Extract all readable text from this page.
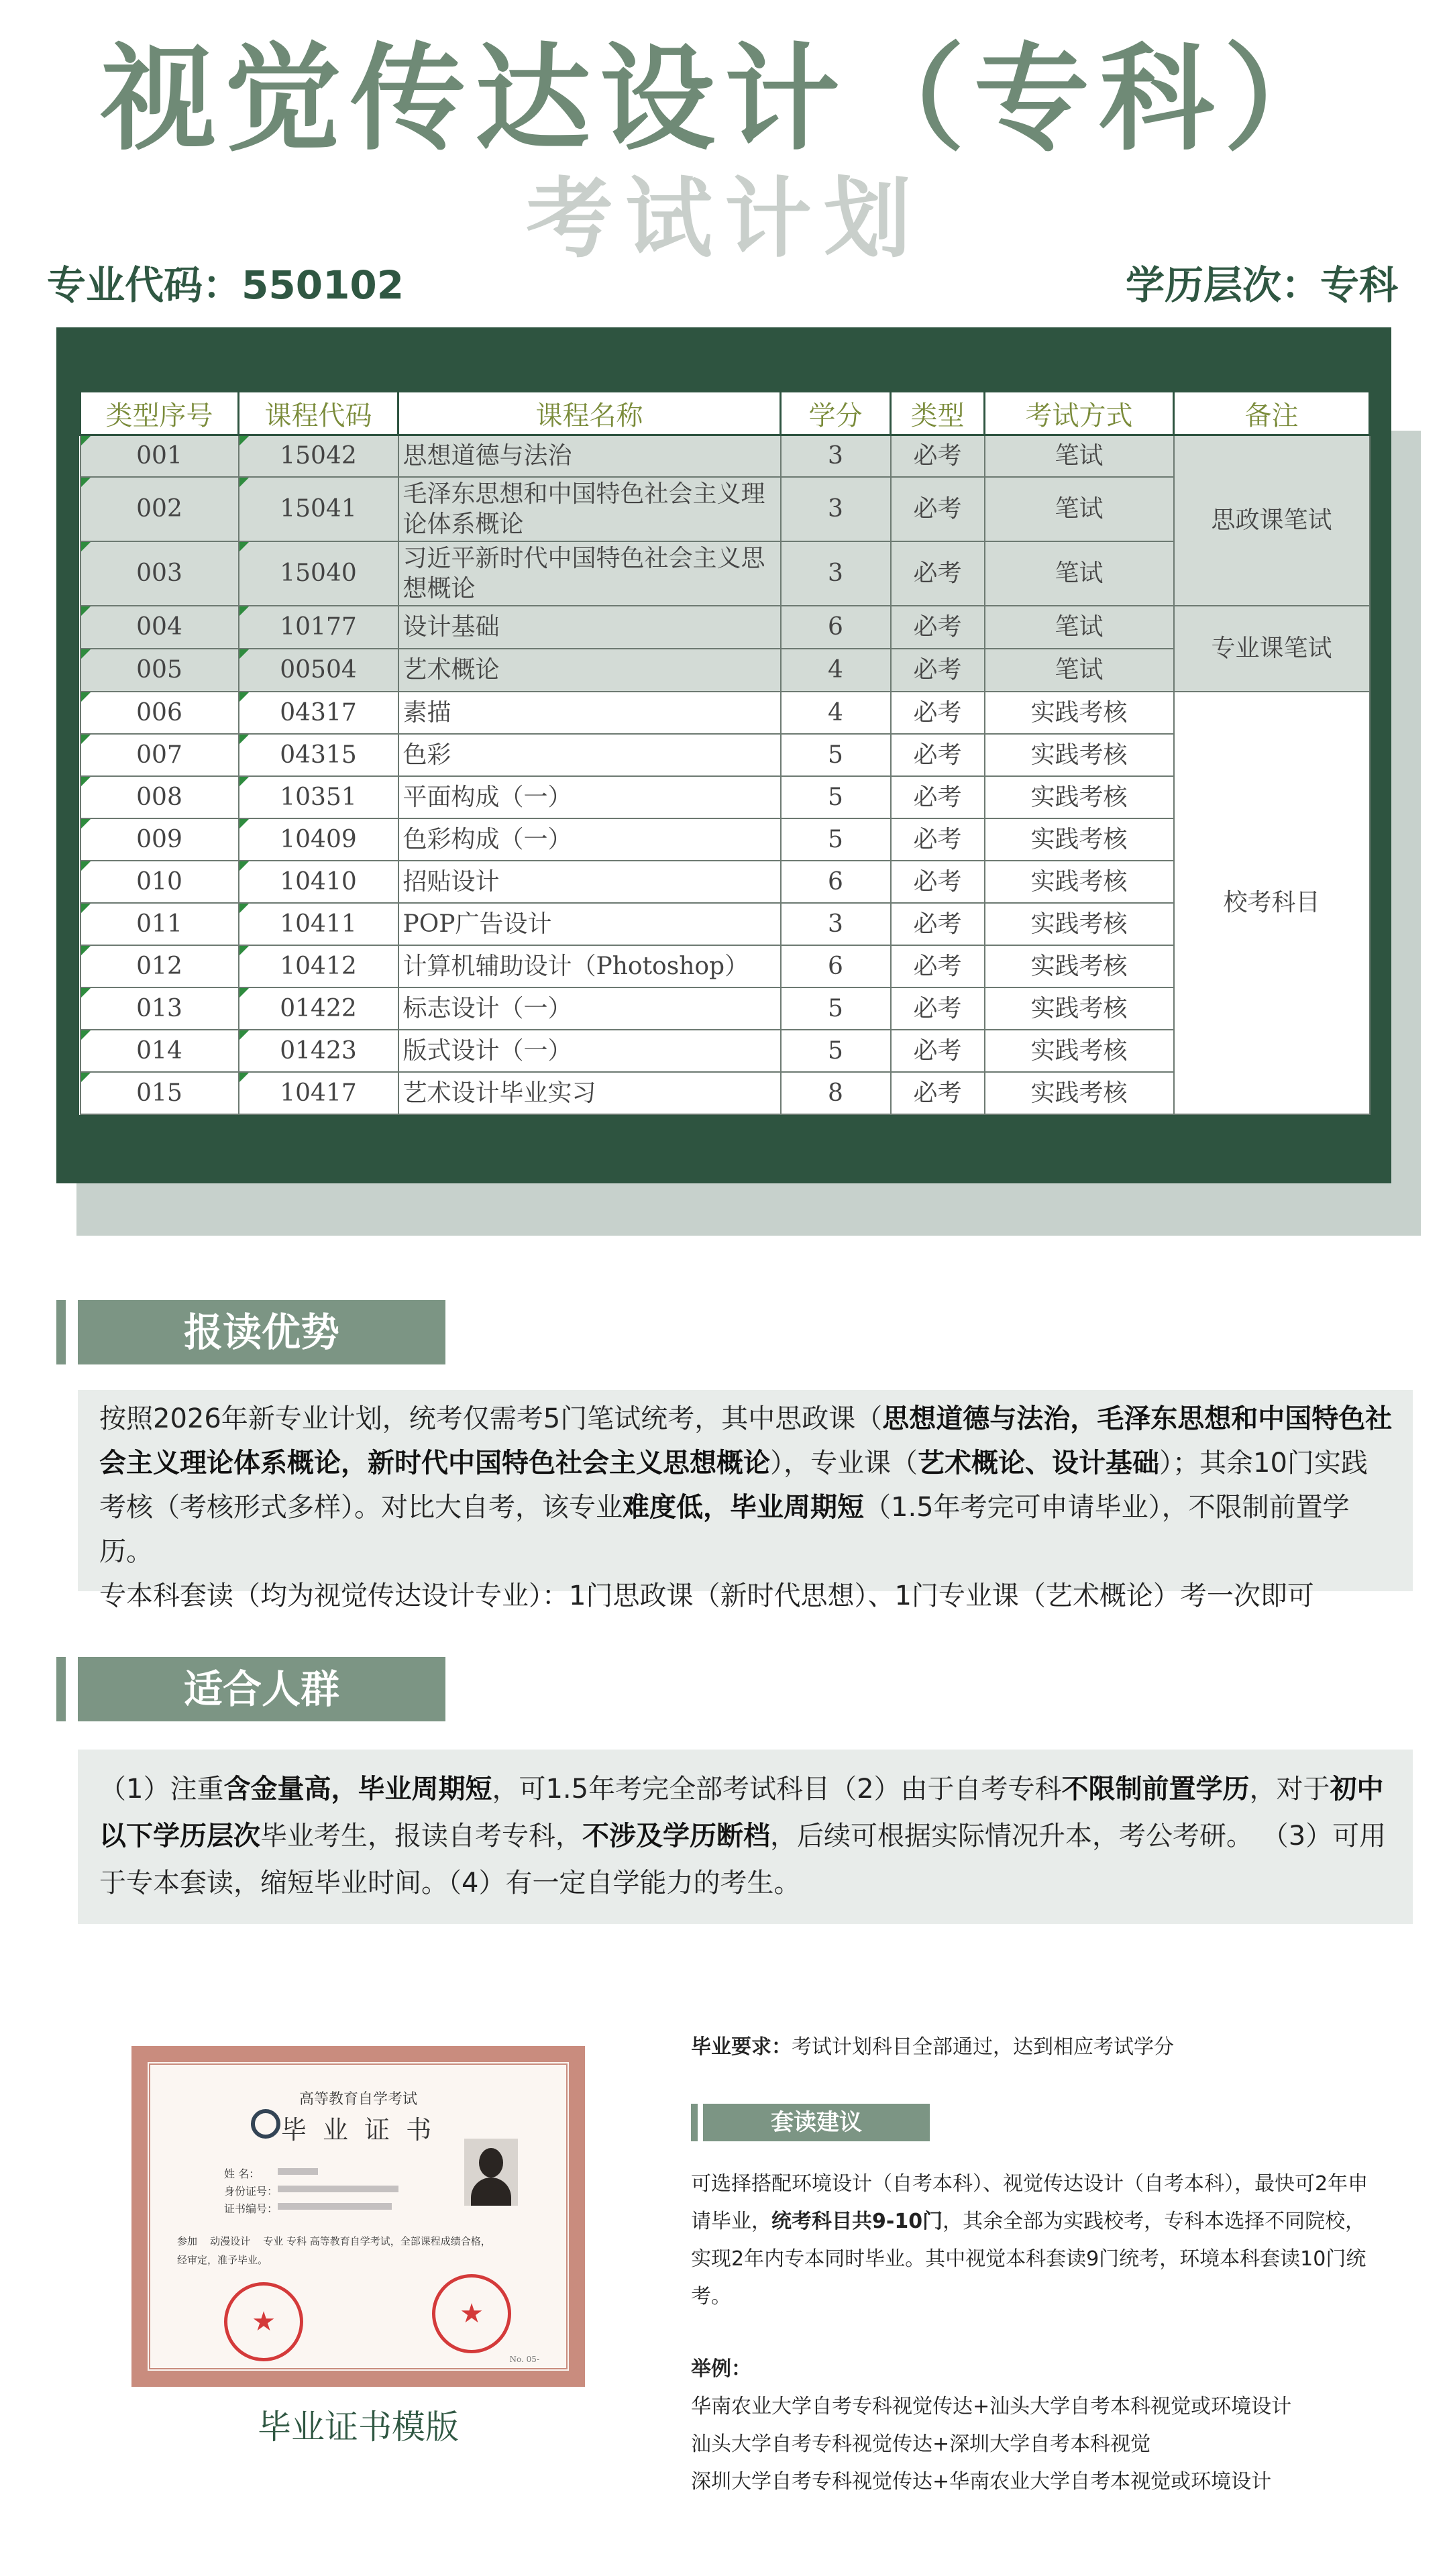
视觉传达设计（专科）
考试计划
专业代码：550102	学历层次：专科
类型序号	课程代码	课程名称	学分	类型	考试方式	备注
001	15042	思想道德与法治	3	必考	笔试	思政课笔试
002	15041	毛泽东思想和中国特色社会主义理论体系概论	3	必考	笔试	
003	15040	习近平新时代中国特色社会主义思想概论	3	必考	笔试	
004	10177	设计基础	6	必考	笔试	专业课笔试
005	00504	艺术概论	4	必考	笔试	
006	04317	素描	4	必考	实践考核	校考科目
007	04315	色彩	5	必考	实践考核	
008	10351	平面构成（一）	5	必考	实践考核	
009	10409	色彩构成（一）	5	必考	实践考核	
010	10410	招贴设计	6	必考	实践考核	
011	10411	POP广告设计	3	必考	实践考核	
012	10412	计算机辅助设计（Photoshop）	6	必考	实践考核	
013	01422	标志设计（一）	5	必考	实践考核	
014	01423	版式设计（一）	5	必考	实践考核	
015	10417	艺术设计毕业实习	8	必考	实践考核	
报读优势
按照2026年新专业计划，统考仅需考5门笔试统考，其中思政课（思想道德与法治，毛泽东思想和中国特色社会主义理论体系概论，新时代中国特色社会主义思想概论），专业课（艺术概论、设计基础）；其余10门实践考核（考核形式多样）。对比大自考，该专业难度低，毕业周期短（1.5年考完可申请毕业），不限制前置学历。
专本科套读（均为视觉传达设计专业）：1门思政课（新时代思想）、1门专业课（艺术概论）考一次即可
适合人群
（1）注重含金量高，毕业周期短，可1.5年考完全部考试科目（2）由于自考专科不限制前置学历，对于初中以下学历层次毕业考生，报读自考专科，不涉及学历断档，后续可根据实际情况升本，考公考研。 （3）可用于专本套读，缩短毕业时间。（4）有一定自学能力的考生。
高等教育自学考试
毕 业 证 书
姓 名：
身份证号：
证书编号：
参加 动漫设计 专业 专科 高等教育自学考试，全部课程成绩合格，
经审定，准予毕业。
★	★
No. 05-
毕业证书模版
毕业要求：考试计划科目全部通过，达到相应考试学分
套读建议
可选择搭配环境设计（自考本科）、视觉传达设计（自考本科），最快可2年申请毕业，统考科目共9-10门，其余全部为实践校考，专科本选择不同院校，实现2年内专本同时毕业。其中视觉本科套读9门统考，环境本科套读10门统考。
举例：
华南农业大学自考专科视觉传达+汕头大学自考本科视觉或环境设计
汕头大学自考专科视觉传达+深圳大学自考本科视觉
深圳大学自考专科视觉传达+华南农业大学自考本视觉或环境设计
